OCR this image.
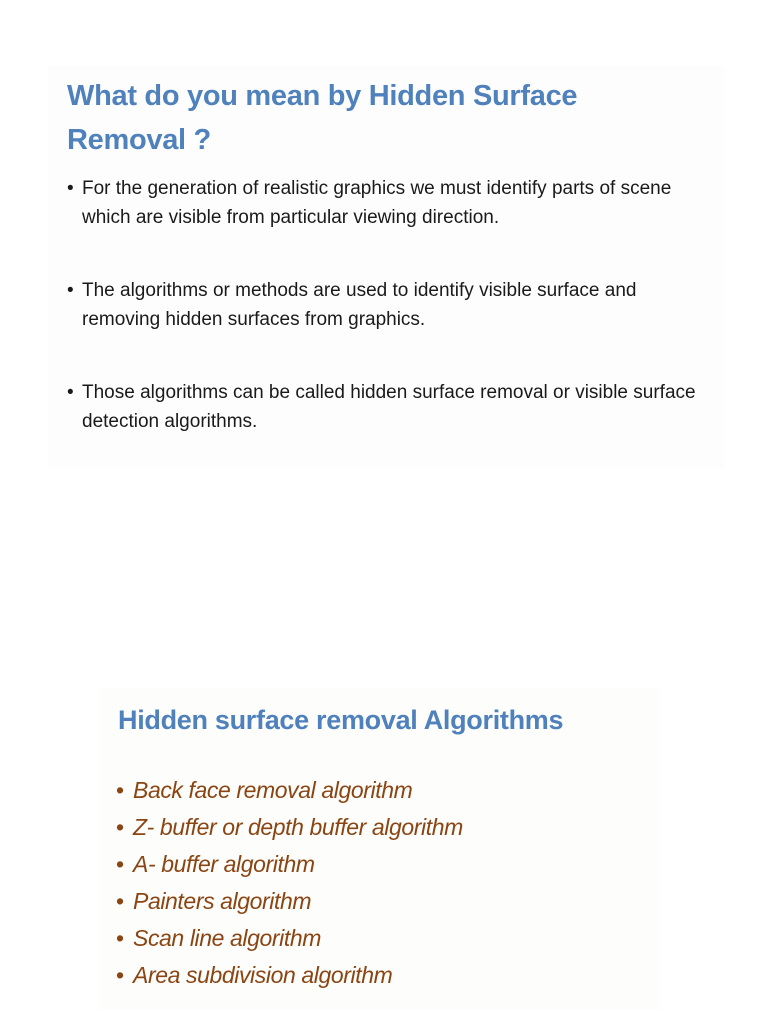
What do you mean by Hidden Surface Removal ?
• For the generation of realistic graphics we must identify parts of scene which are visible from particular viewing direction.
• The algorithms or methods are used to identify visible surface and removing hidden surfaces from graphics.
• Those algorithms can be called hidden surface removal or visible surface detection algorithms.
Hidden surface removal Algorithms
• Back face removal algorithm
• Z- buffer or depth buffer algorithm
• A- buffer algorithm
• Painters algorithm
• Scan line algorithm
• Area subdivision algorithm
